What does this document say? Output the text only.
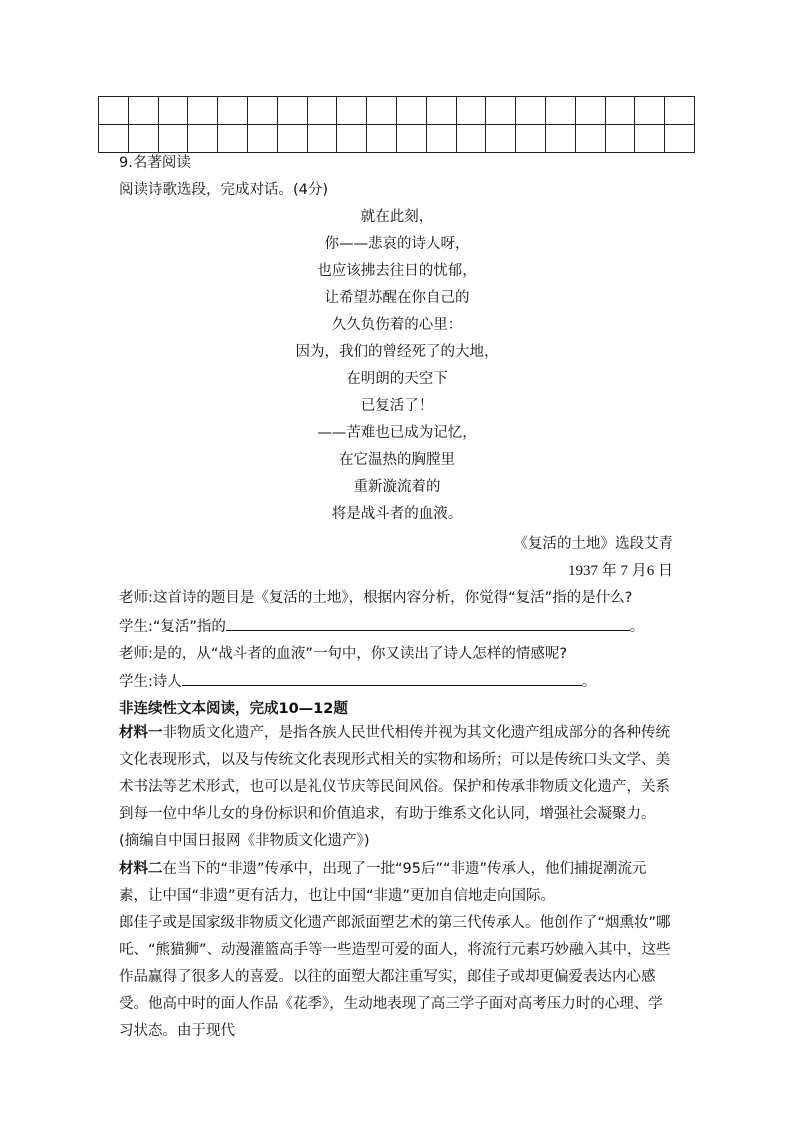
9.名著阅读
阅读诗歌选段，完成对话。(4分)
就在此刻，
你——悲哀的诗人呀，
也应该拂去往日的忧郁，
让希望苏醒在你自己的
久久负伤着的心里：
因为，我们的曾经死了的大地，
在明朗的天空下
已复活了！
——苦难也已成为记忆，
在它温热的胸膛里
重新漩流着的
将是战斗者的血液。
《复活的土地》选段艾青
1937 年 7 月6 日
老师:这首诗的题目是《复活的土地》，根据内容分析，你觉得“复活”指的是什么?
学生:“复活”指的	。
老师:是的，从“战斗者的血液”一句中，你又读出了诗人怎样的情感呢?
学生:诗人	。
非连续性文本阅读，完成10—12题
材料一非物质文化遗产，是指各族人民世代相传并视为其文化遗产组成部分的各种传统文化表现形式，以及与传统文化表现形式相关的实物和场所；可以是传统口头文学、美术书法等艺术形式，也可以是礼仪节庆等民间风俗。保护和传承非物质文化遗产，关系到每一位中华儿女的身份标识和价值追求，有助于维系文化认同，增强社会凝聚力。
(摘编自中国日报网《非物质文化遗产》)
材料二在当下的“非遗”传承中，出现了一批“95后”“非遗”传承人，他们捕捉潮流元素，让中国“非遗”更有活力，也让中国“非遗”更加自信地走向国际。
郎佳子或是国家级非物质文化遗产郎派面塑艺术的第三代传承人。他创作了“烟熏妆”哪吒、“熊猫狮”、动漫灌篮高手等一些造型可爱的面人，将流行元素巧妙融入其中，这些作品赢得了很多人的喜爱。以往的面塑大都注重写实，郎佳子或却更偏爱表达内心感受。他高中时的面人作品《花季》，生动地表现了高三学子面对高考压力时的心理、学习状态。由于现代
